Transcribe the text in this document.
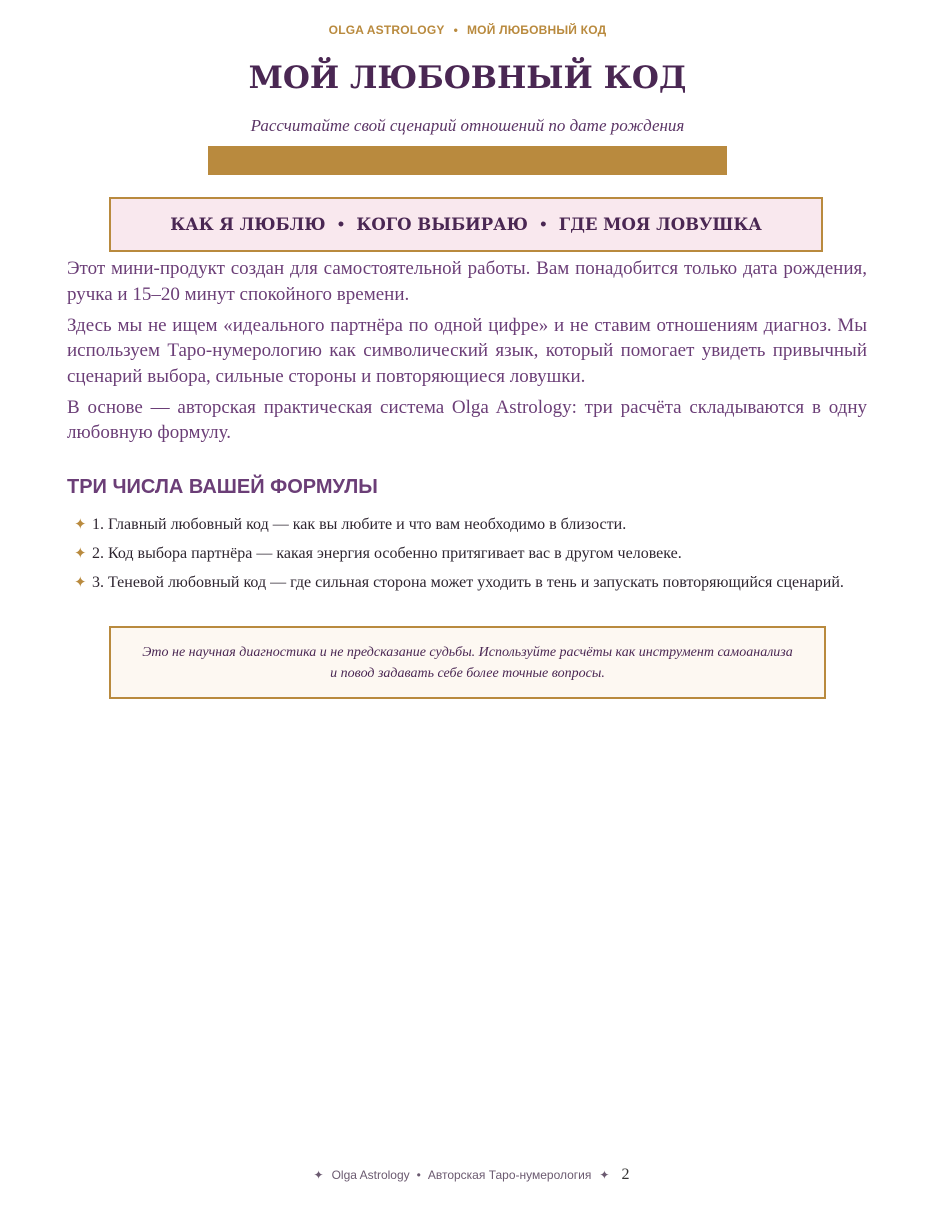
OLGA ASTROLOGY • МОЙ ЛЮБОВНЫЙ КОД
МОЙ ЛЮБОВНЫЙ КОД
Рассчитайте свой сценарий отношений по дате рождения
КАК Я ЛЮБЛЮ • КОГО ВЫБИРАЮ • ГДЕ МОЯ ЛОВУШКА

Этот мини-продукт создан для самостоятельной работы. Вам понадобится только дата рождения, ручка и 15–20 минут спокойного времени.

Здесь мы не ищем «идеального партнёра по одной цифре» и не ставим отношениям диагноз. Мы используем Таро-нумерологию как символический язык, который помогает увидеть привычный сценарий выбора, сильные стороны и повторяющиеся ловушки.

В основе — авторская практическая система Olga Astrology: три расчёта складываются в одну любовную формулу.

ТРИ ЧИСЛА ВАШЕЙ ФОРМУЛЫ
✦ 1. Главный любовный код — как вы любите и что вам необходимо в близости.
✦ 2. Код выбора партнёра — какая энергия особенно притягивает вас в другом человеке.
✦ 3. Теневой любовный код — где сильная сторона может уходить в тень и запускать повторяющийся сценарий.
Это не научная диагностика и не предсказание судьбы. Используйте расчёты как инструмент самоанализа и повод задавать себе более точные вопросы.
✦ Olga Astrology • Авторская Таро-нумерология ✦ 2
